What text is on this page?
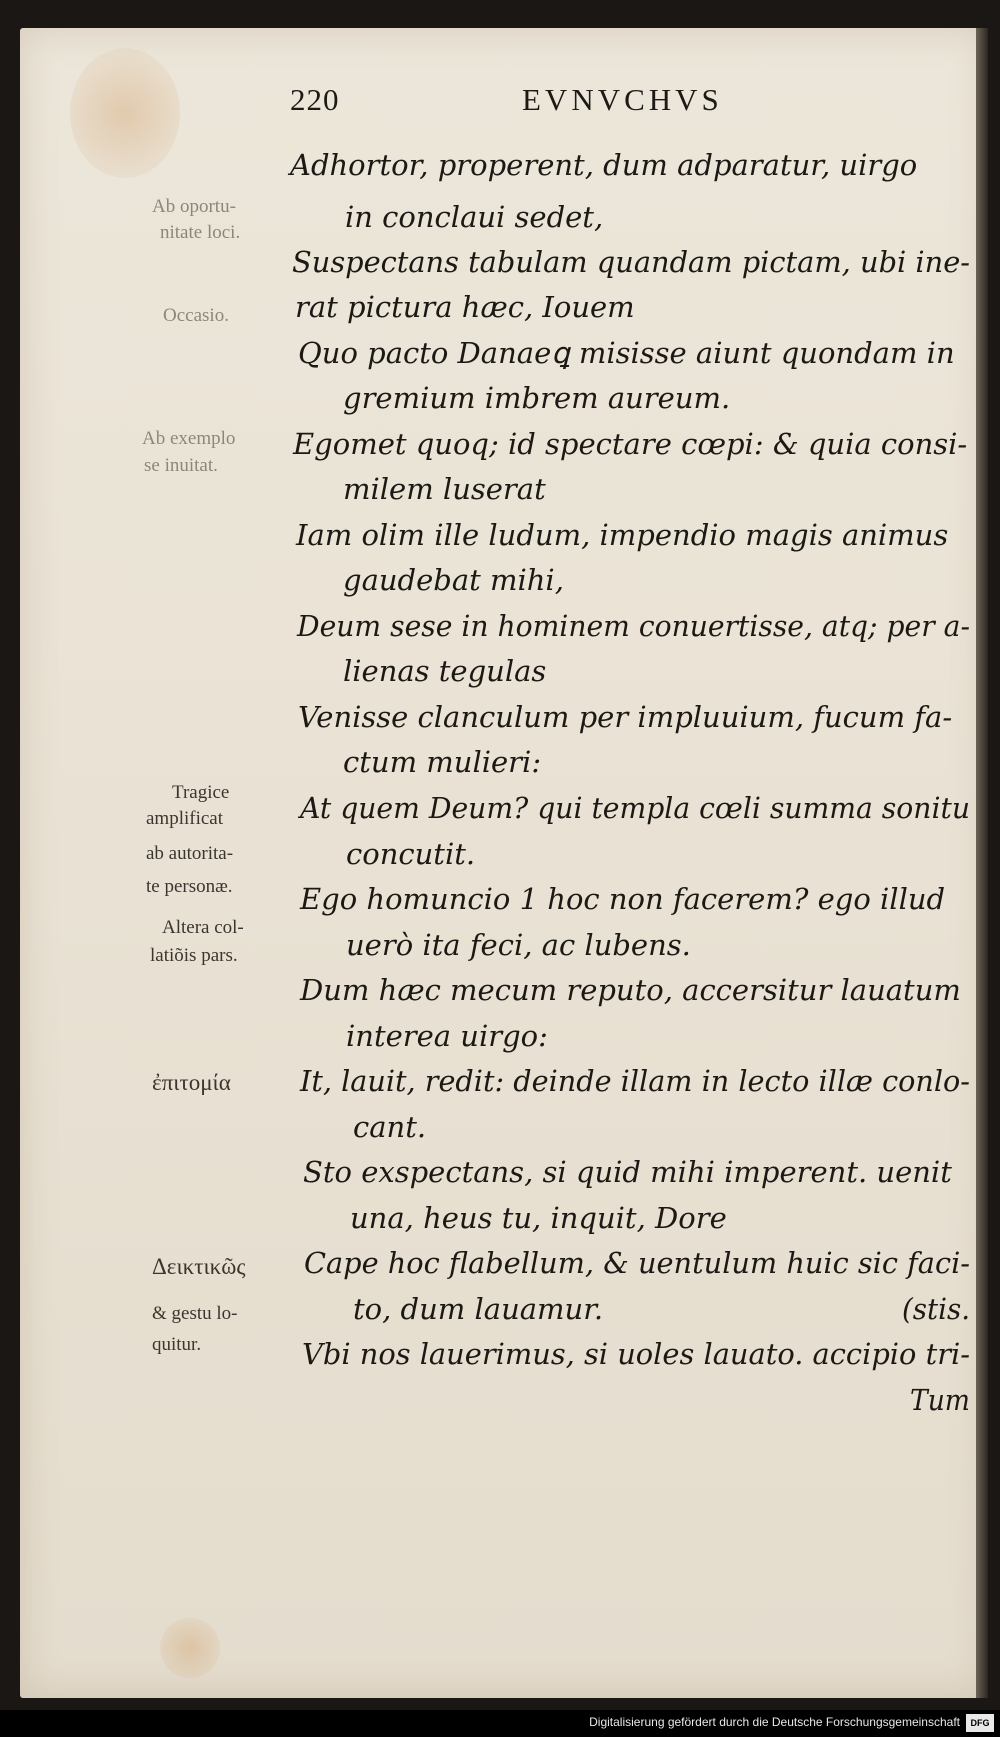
220	EVNVCHVS
Adhortor, properent, dum adparatur, uirgo
in conclaui sedet,
Suspectans tabulam quandam pictam, ubi ine-
rat pictura hæc, Iouem
Quo pacto Danaeꝗ misisse aiunt quondam in
gremium imbrem aureum.
Egomet quoq; id spectare cœpi: & quia consi-
milem luserat
Iam olim ille ludum, impendio magis animus
gaudebat mihi,
Deum sese in hominem conuertisse, atq; per a-
lienas tegulas
Venisse clanculum per impluuium, fucum fa-
ctum mulieri:
At quem Deum? qui templa cœli summa sonitu
concutit.
Ego homuncio 1 hoc non facerem? ego illud
uerò ita feci, ac lubens.
Dum hæc mecum reputo, accersitur lauatum
interea uirgo:
It, lauit, redit: deinde illam in lecto illæ conlo-
cant.
Sto exspectans, si quid mihi imperent. uenit
una, heus tu, inquit, Dore
Cape hoc flabellum, & uentulum huic sic faci-
to, dum lauamur.	(stis.
Vbi nos lauerimus, si uoles lauato. accipio tri-
Tum
Ab oportu-
nitate loci.
Occasio.
Ab exemplo
se inuitat.
Tragice
amplificat
ab autorita-
te personæ.
Altera col-
latiõis pars.
ἐπιτομία
Δεικτικῶς
& gestu lo-
quitur.
Digitalisierung gefördert durch die Deutsche Forschungsgemeinschaft	DFG
